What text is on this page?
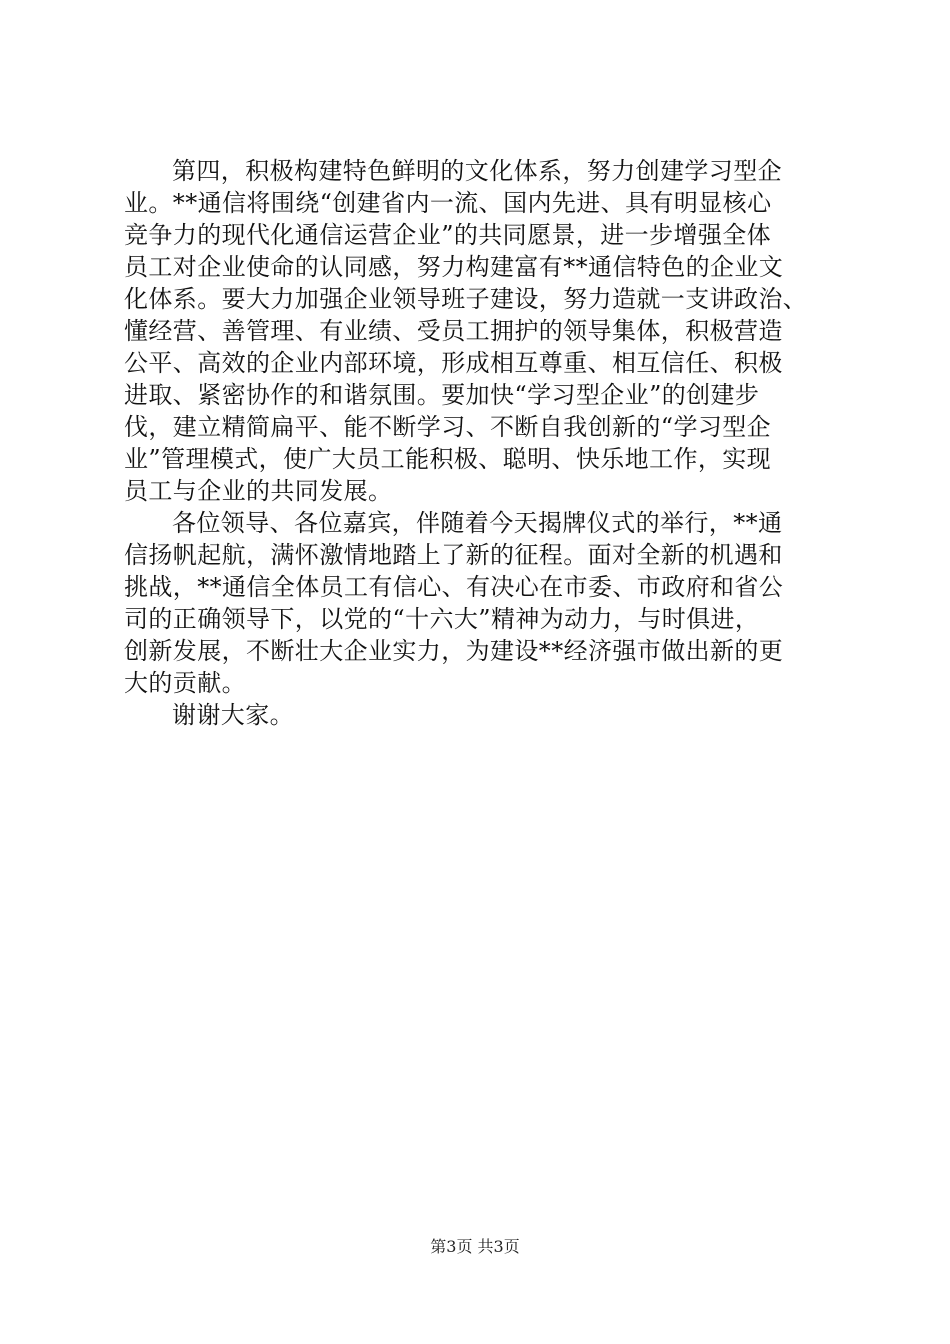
第四，积极构建特色鲜明的文化体系，努力创建学习型企
业。**通信将围绕“创建省内一流、国内先进、具有明显核心
竞争力的现代化通信运营企业”的共同愿景，进一步增强全体
员工对企业使命的认同感，努力构建富有**通信特色的企业文
化体系。要大力加强企业领导班子建设，努力造就一支讲政治、
懂经营、善管理、有业绩、受员工拥护的领导集体，积极营造
公平、高效的企业内部环境，形成相互尊重、相互信任、积极
进取、紧密协作的和谐氛围。要加快“学习型企业”的创建步
伐，建立精简扁平、能不断学习、不断自我创新的“学习型企
业”管理模式，使广大员工能积极、聪明、快乐地工作，实现
员工与企业的共同发展。
各位领导、各位嘉宾，伴随着今天揭牌仪式的举行，**通
信扬帆起航，满怀激情地踏上了新的征程。面对全新的机遇和
挑战，**通信全体员工有信心、有决心在市委、市政府和省公
司的正确领导下，以党的“十六大”精神为动力，与时俱进，
创新发展，不断壮大企业实力，为建设**经济强市做出新的更
大的贡献。
谢谢大家。
第3页 共3页
